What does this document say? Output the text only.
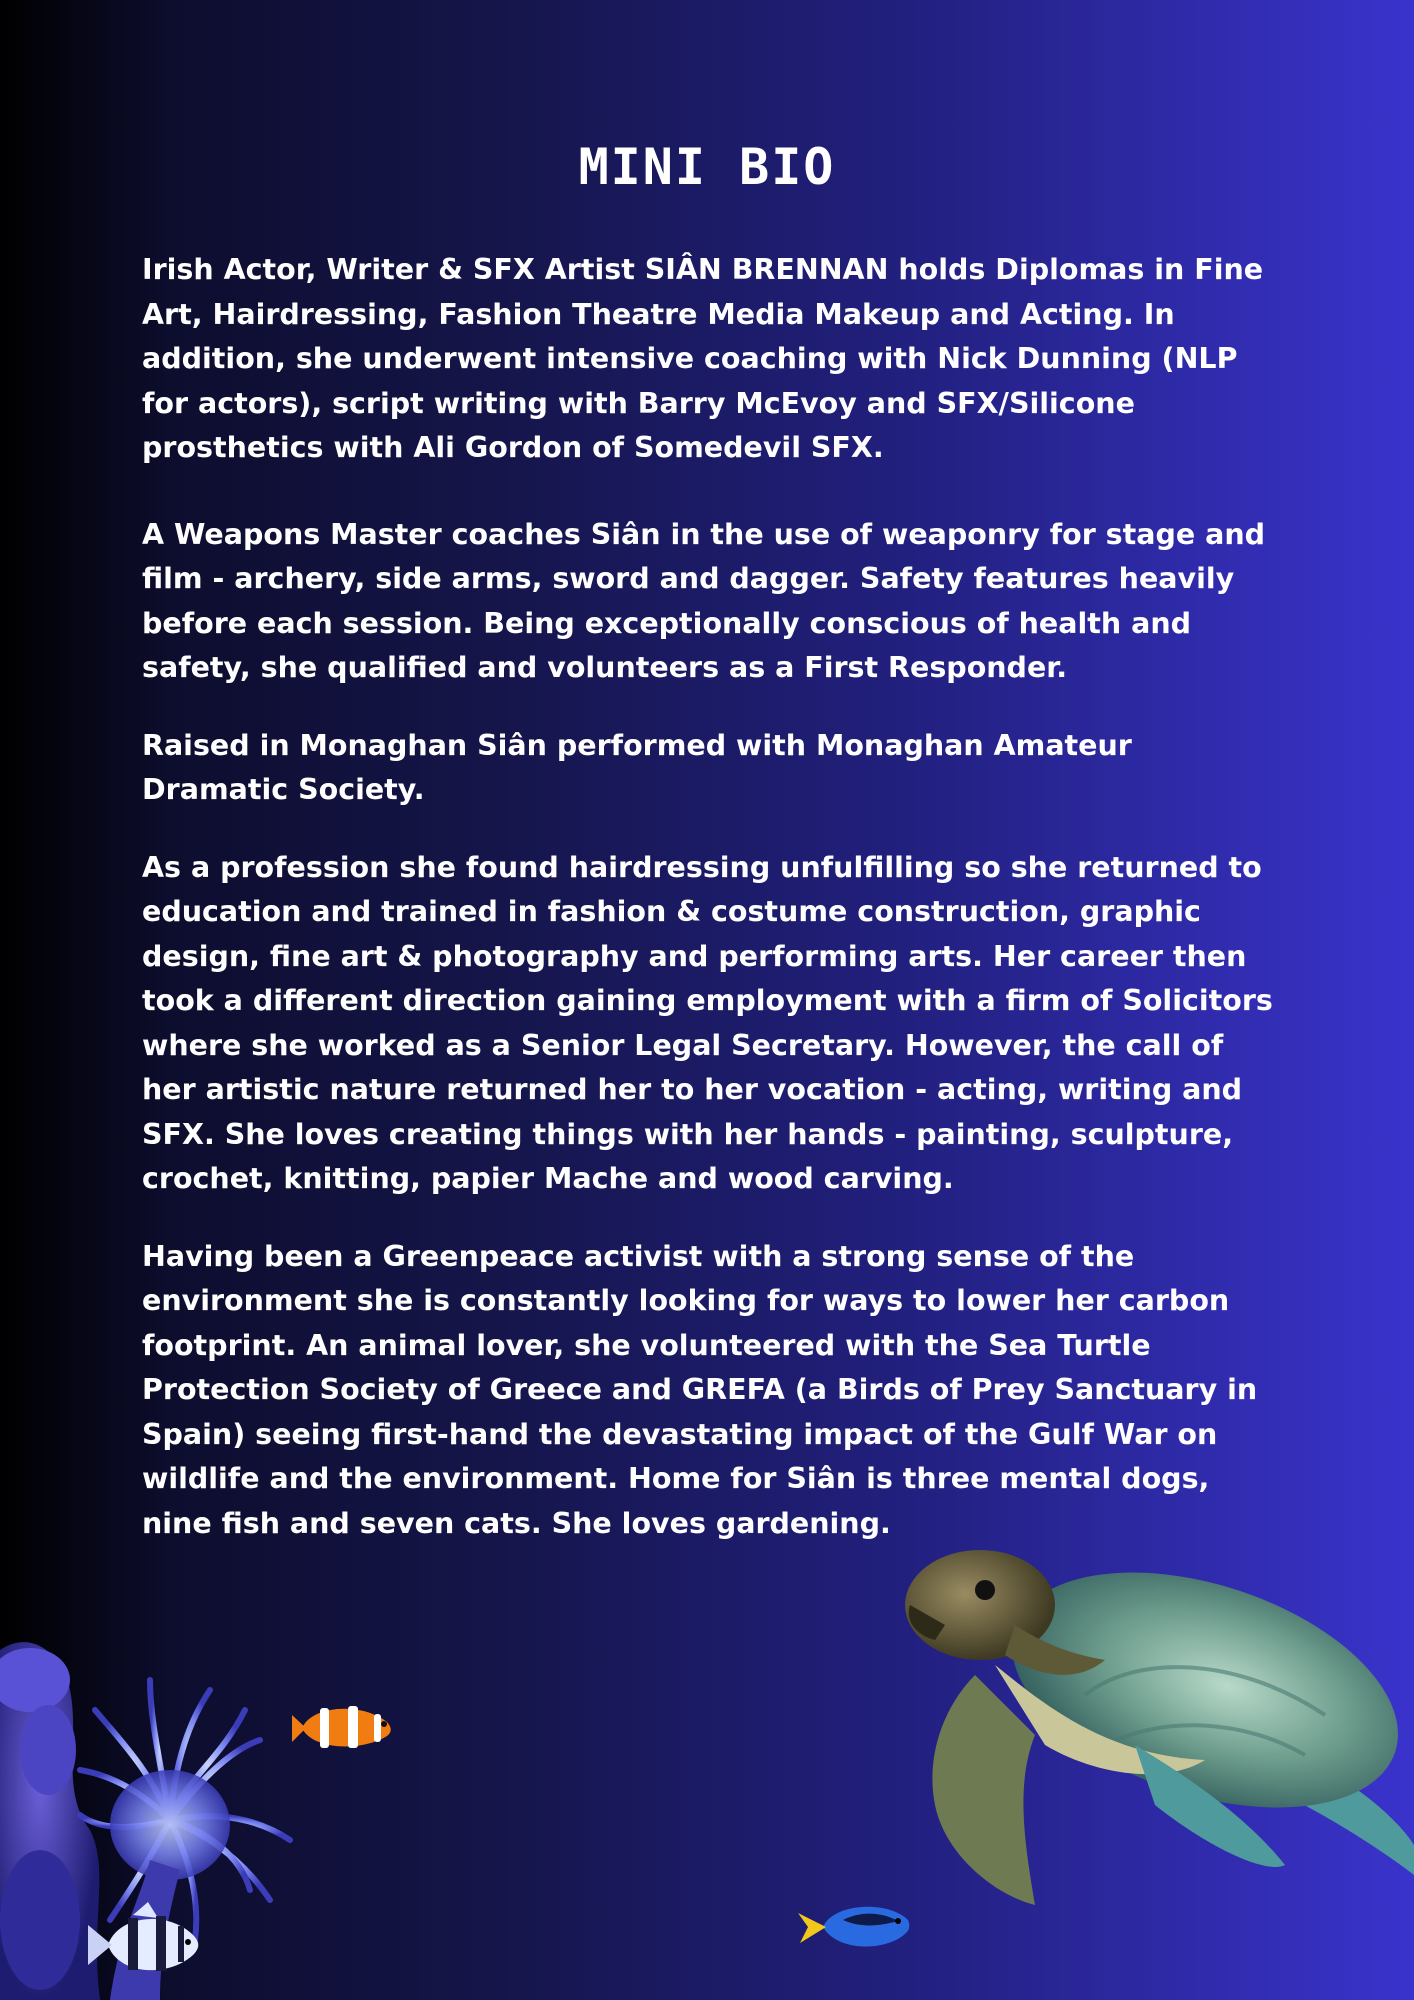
MINI BIO

Irish Actor, Writer & SFX Artist SIÂN BRENNAN holds Diplomas in Fine Art, Hairdressing, Fashion Theatre Media Makeup and Acting. In addition, she underwent intensive coaching with Nick Dunning (NLP for actors), script writing with Barry McEvoy and SFX/Silicone prosthetics with Ali Gordon of Somedevil SFX.

A Weapons Master coaches Siân in the use of weaponry for stage and film - archery, side arms, sword and dagger. Safety features heavily before each session. Being exceptionally conscious of health and safety, she qualified and volunteers as a First Responder.

Raised in Monaghan Siân performed with Monaghan Amateur Dramatic Society.

As a profession she found hairdressing unfulfilling so she returned to education and trained in fashion & costume construction, graphic design, fine art & photography and performing arts. Her career then took a different direction gaining employment with a firm of Solicitors where she worked as a Senior Legal Secretary. However, the call of her artistic nature returned her to her vocation - acting, writing and SFX. She loves creating things with her hands - painting, sculpture, crochet, knitting, papier Mache and wood carving.

Having been a Greenpeace activist with a strong sense of the environment she is constantly looking for ways to lower her carbon footprint. An animal lover, she volunteered with the Sea Turtle Protection Society of Greece and GREFA (a Birds of Prey Sanctuary in Spain) seeing first-hand the devastating impact of the Gulf War on wildlife and the environment. Home for Siân is three mental dogs, nine fish and seven cats. She loves gardening.
